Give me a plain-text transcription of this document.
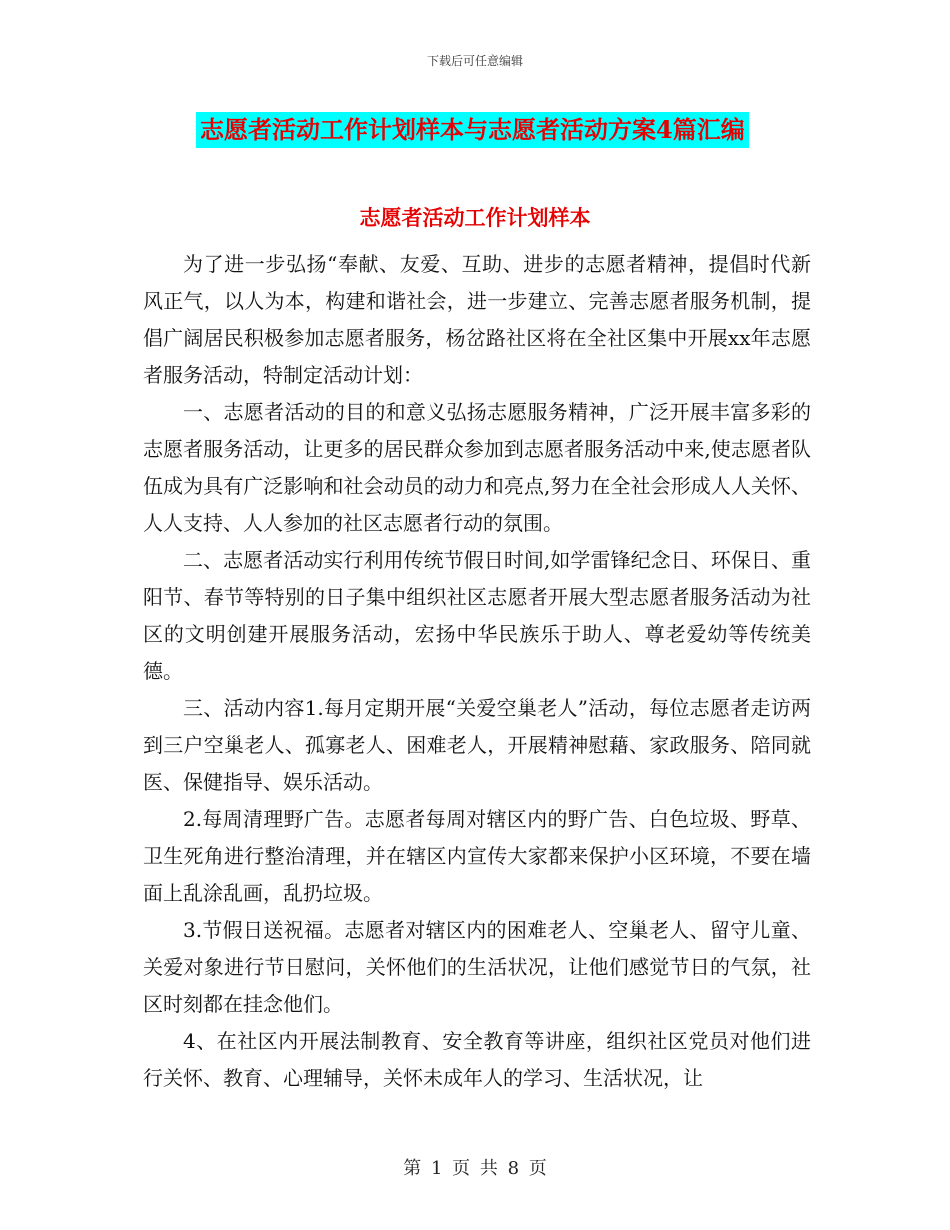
下载后可任意编辑
志愿者活动工作计划样本与志愿者活动方案4篇汇编
志愿者活动工作计划样本

为了进一步弘扬“奉献、友爱、互助、进步的志愿者精神，提倡时代新风正气，以人为本，构建和谐社会，进一步建立、完善志愿者服务机制，提倡广阔居民积极参加志愿者服务，杨岔路社区将在全社区集中开展xx年志愿者服务活动，特制定活动计划：

一、志愿者活动的目的和意义弘扬志愿服务精神，广泛开展丰富多彩的志愿者服务活动，让更多的居民群众参加到志愿者服务活动中来,使志愿者队伍成为具有广泛影响和社会动员的动力和亮点,努力在全社会形成人人关怀、人人支持、人人参加的社区志愿者行动的氛围。

二、志愿者活动实行利用传统节假日时间,如学雷锋纪念日、环保日、重阳节、春节等特别的日子集中组织社区志愿者开展大型志愿者服务活动为社区的文明创建开展服务活动，宏扬中华民族乐于助人、尊老爱幼等传统美德。

三、活动内容1.每月定期开展“关爱空巢老人”活动，每位志愿者走访两到三户空巢老人、孤寡老人、困难老人，开展精神慰藉、家政服务、陪同就医、保健指导、娱乐活动。

2.每周清理野广告。志愿者每周对辖区内的野广告、白色垃圾、野草、卫生死角进行整治清理，并在辖区内宣传大家都来保护小区环境，不要在墙面上乱涂乱画，乱扔垃圾。

3.节假日送祝福。志愿者对辖区内的困难老人、空巢老人、留守儿童、关爱对象进行节日慰问，关怀他们的生活状况，让他们感觉节日的气氛，社区时刻都在挂念他们。

4、在社区内开展法制教育、安全教育等讲座，组织社区党员对他们进行关怀、教育、心理辅导，关怀未成年人的学习、生活状况，让

第 1 页 共 8 页
